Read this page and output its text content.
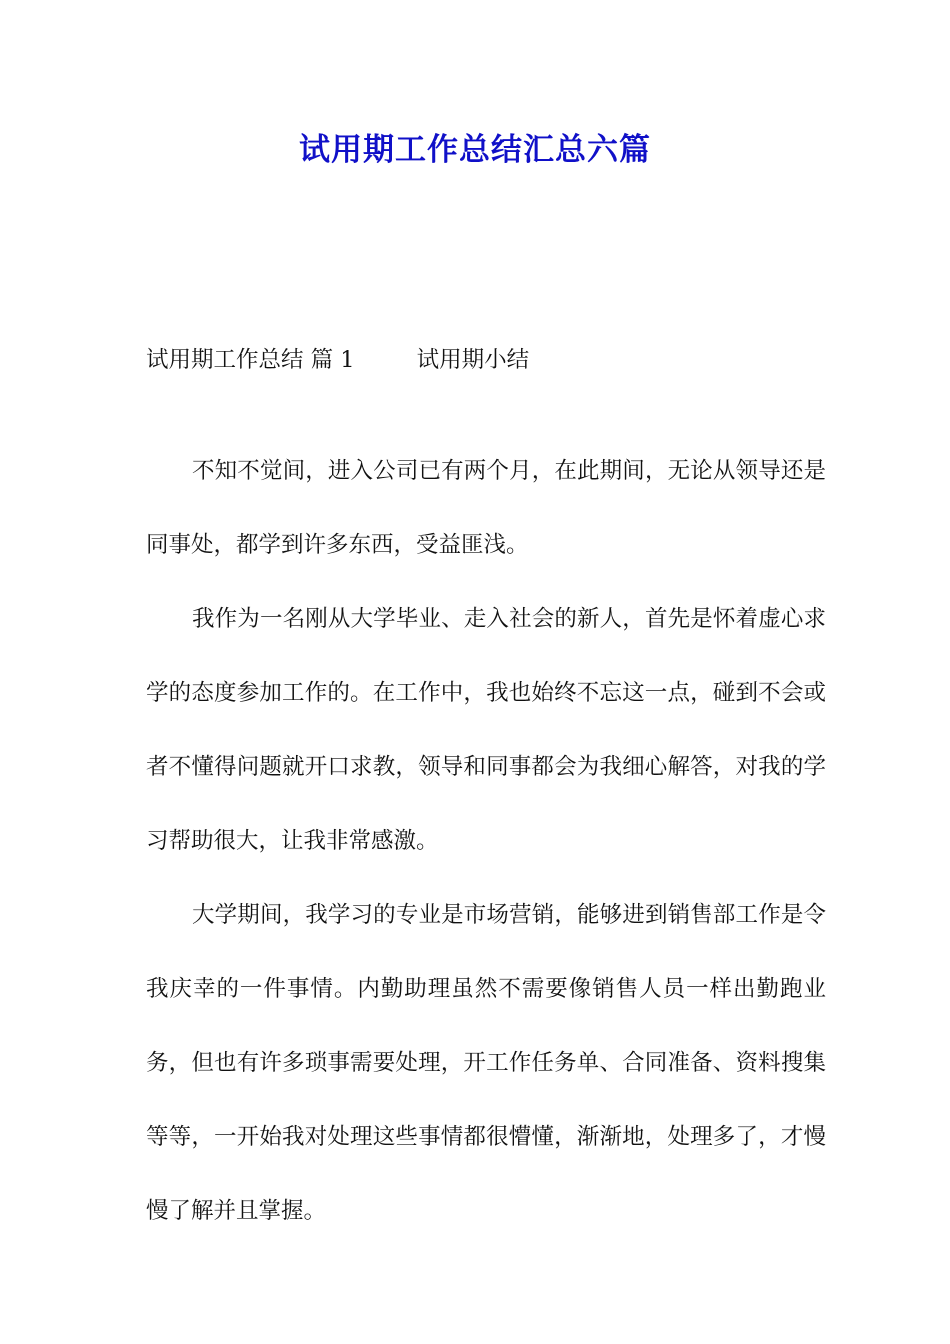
试用期工作总结汇总六篇

试用期工作总结 篇 1	试用期小结

不知不觉间，进入公司已有两个月，在此期间，无论从领导还是同事处，都学到许多东西，受益匪浅。

我作为一名刚从大学毕业、走入社会的新人，首先是怀着虚心求学的态度参加工作的。在工作中，我也始终不忘这一点，碰到不会或者不懂得问题就开口求教，领导和同事都会为我细心解答，对我的学习帮助很大，让我非常感激。

大学期间，我学习的专业是市场营销，能够进到销售部工作是令我庆幸的一件事情。内勤助理虽然不需要像销售人员一样出勤跑业务，但也有许多琐事需要处理，开工作任务单、合同准备、资料搜集等等，一开始我对处理这些事情都很懵懂，渐渐地，处理多了，才慢慢了解并且掌握。
